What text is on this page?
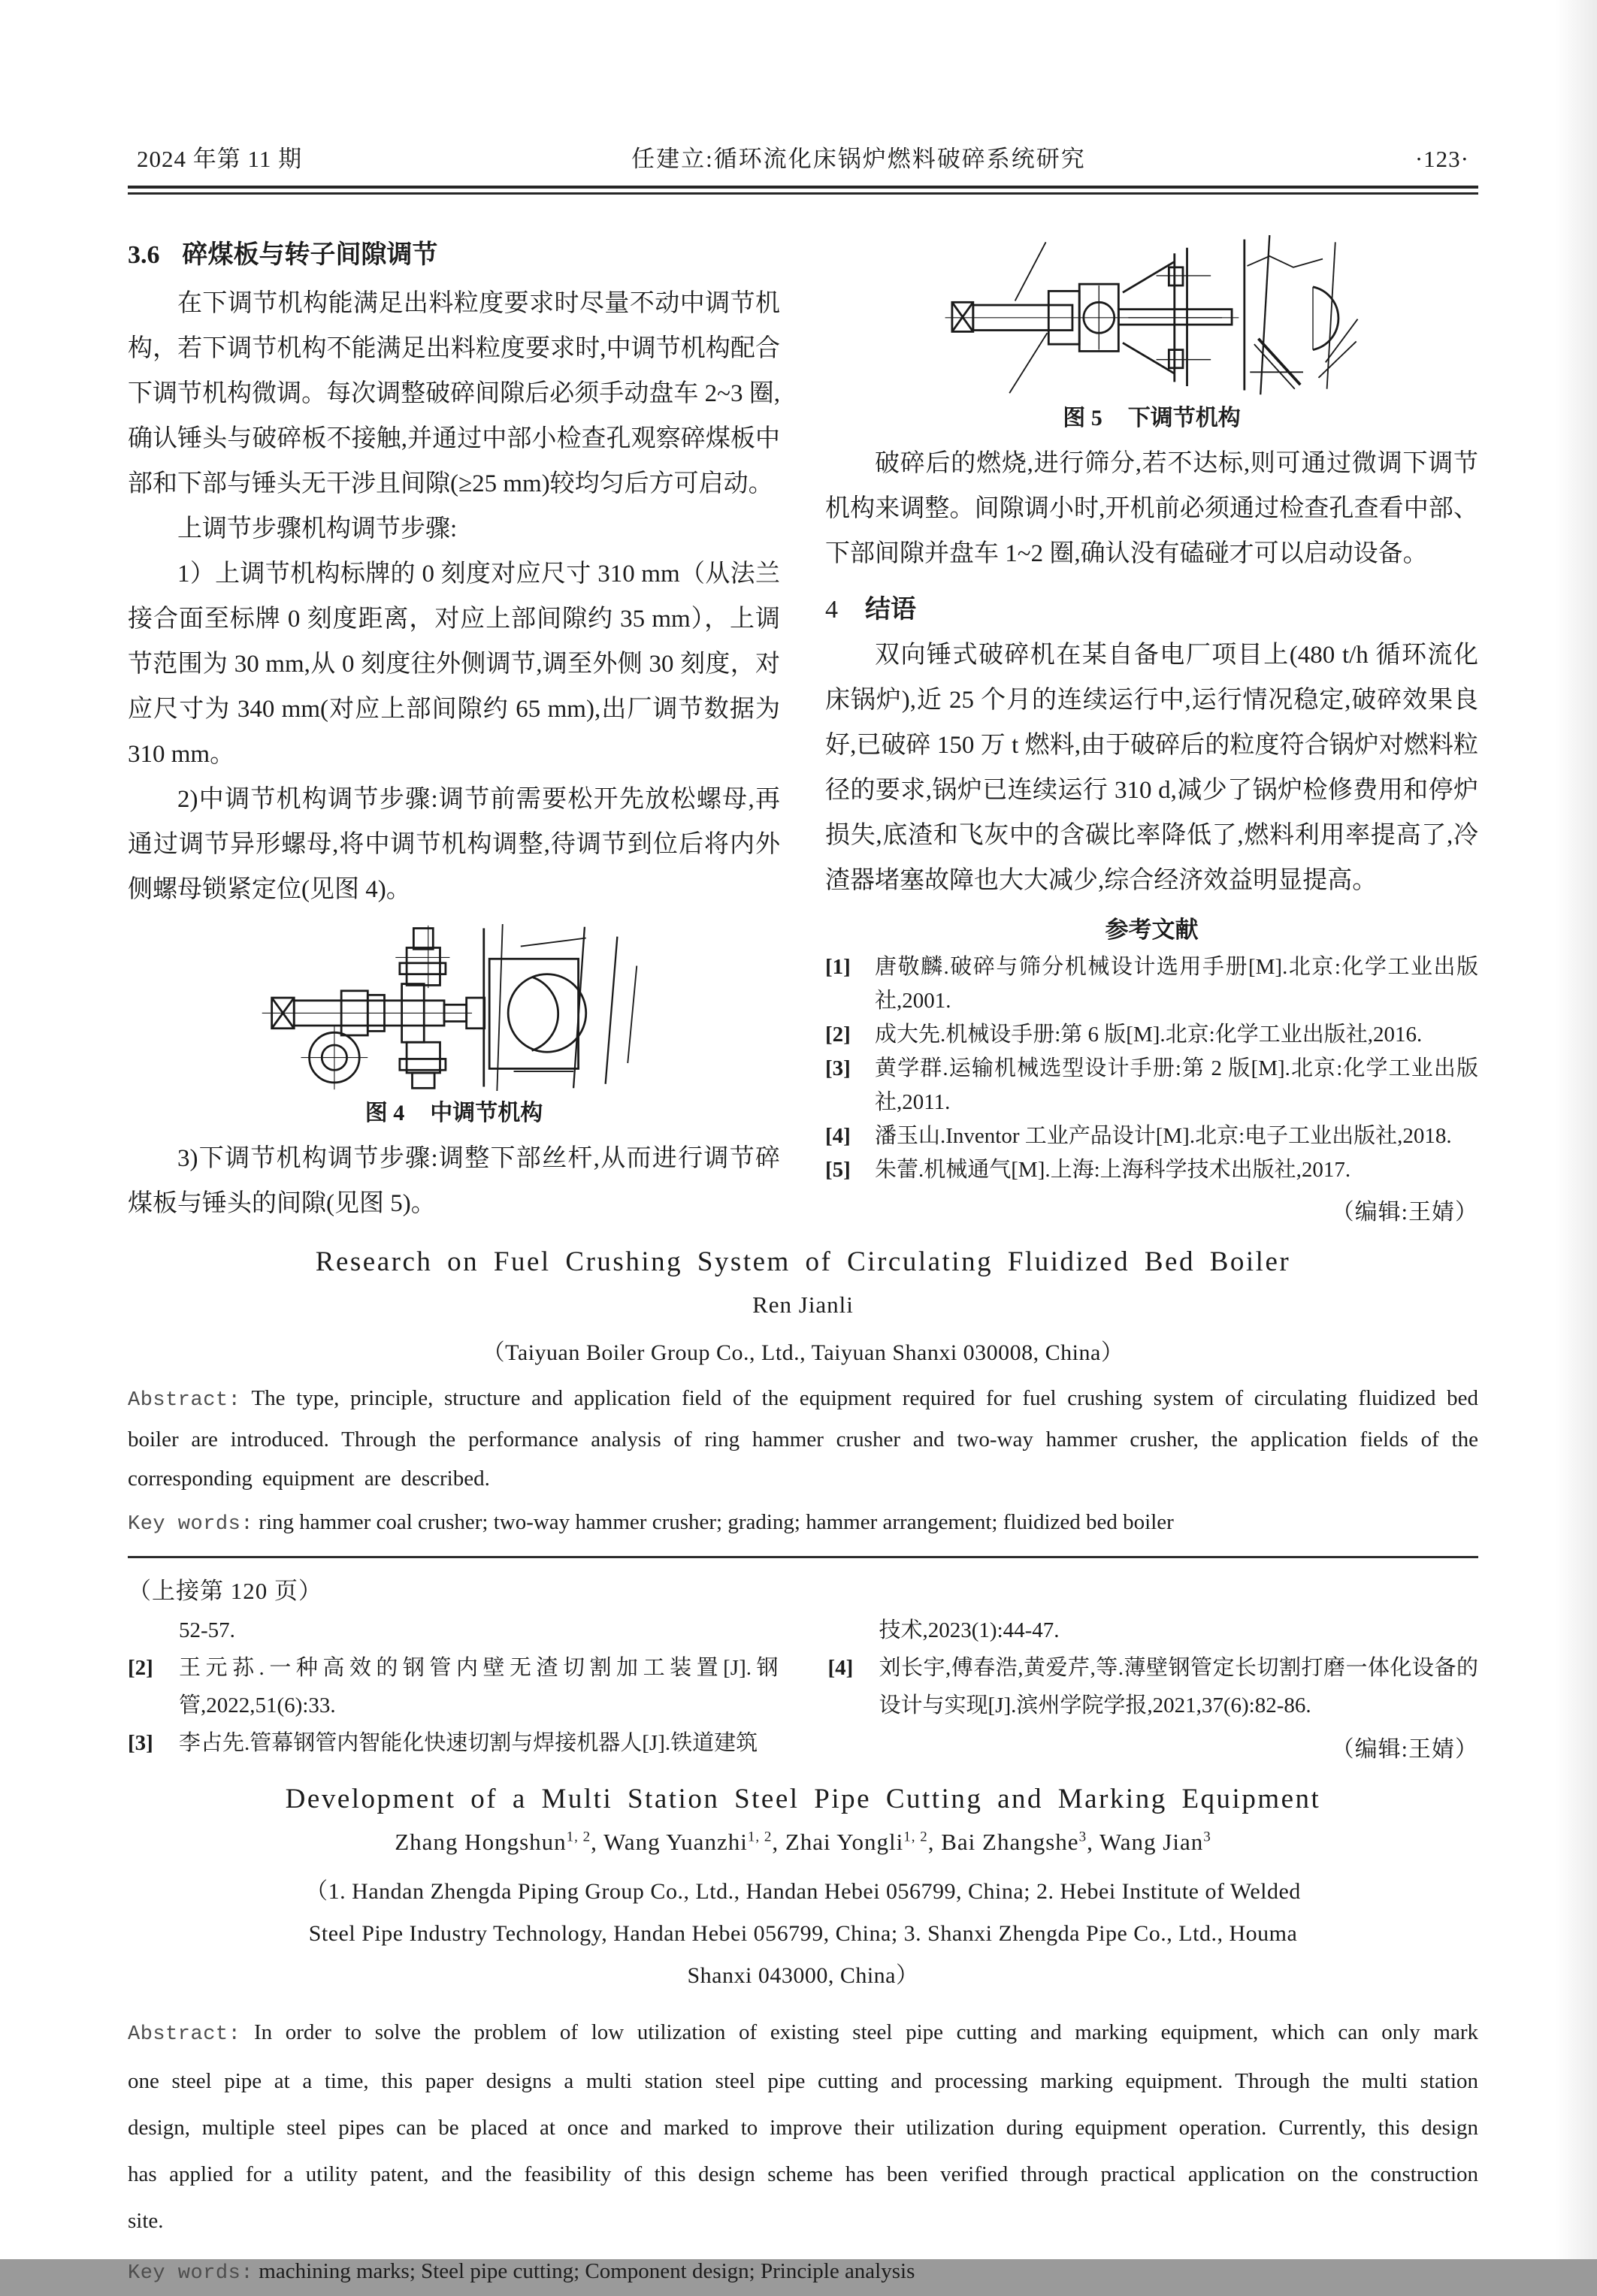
2024 年第 11 期	任建立:循环流化床锅炉燃料破碎系统研究	·123·
3.6 碎煤板与转子间隙调节

在下调节机构能满足出料粒度要求时尽量不动中调节机构，若下调节机构不能满足出料粒度要求时,中调节机构配合下调节机构微调。每次调整破碎间隙后必须手动盘车 2~3 圈,确认锤头与破碎板不接触,并通过中部小检查孔观察碎煤板中部和下部与锤头无干涉且间隙(≥25 mm)较均匀后方可启动。

上调节步骤机构调节步骤:

1）上调节机构标牌的 0 刻度对应尺寸 310 mm（从法兰接合面至标牌 0 刻度距离，对应上部间隙约 35 mm），上调节范围为 30 mm,从 0 刻度往外侧调节,调至外侧 30 刻度，对应尺寸为 340 mm(对应上部间隙约 65 mm),出厂调节数据为 310 mm。

2)中调节机构调节步骤:调节前需要松开先放松螺母,再通过调节异形螺母,将中调节机构调整,待调节到位后将内外侧螺母锁紧定位(见图 4)。

图 4 中调节机构

3)下调节机构调节步骤:调整下部丝杆,从而进行调节碎煤板与锤头的间隙(见图 5)。

图 5 下调节机构

破碎后的燃烧,进行筛分,若不达标,则可通过微调下调节机构来调整。间隙调小时,开机前必须通过检查孔查看中部、下部间隙并盘车 1~2 圈,确认没有磕碰才可以启动设备。

4 结语

双向锤式破碎机在某自备电厂项目上(480 t/h 循环流化床锅炉),近 25 个月的连续运行中,运行情况稳定,破碎效果良好,已破碎 150 万 t 燃料,由于破碎后的粒度符合锅炉对燃料粒径的要求,锅炉已连续运行 310 d,减少了锅炉检修费用和停炉损失,底渣和飞灰中的含碳比率降低了,燃料利用率提高了,冷渣器堵塞故障也大大减少,综合经济效益明显提高。

参考文献
[1]	唐敬麟.破碎与筛分机械设计选用手册[M].北京:化学工业出版社,2001.
[2]	成大先.机械设手册:第 6 版[M].北京:化学工业出版社,2016.
[3]	黄学群.运输机械选型设计手册:第 2 版[M].北京:化学工业出版社,2011.
[4]	潘玉山.Inventor 工业产品设计[M].北京:电子工业出版社,2018.
[5]	朱蕾.机械通气[M].上海:上海科学技术出版社,2017.
（编辑:王婧）
Research on Fuel Crushing System of Circulating Fluidized Bed Boiler
Ren Jianli
（Taiyuan Boiler Group Co., Ltd., Taiyuan Shanxi 030008, China）

Abstract: The type, principle, structure and application field of the equipment required for fuel crushing system of circulating fluidized bed boiler are introduced. Through the performance analysis of ring hammer crusher and two-way hammer crusher, the application fields of the corresponding equipment are described.

Key words: ring hammer coal crusher; two-way hammer crusher; grading; hammer arrangement; fluidized bed boiler

（上接第 120 页）
52-57.
[2]	王元荪.一种高效的钢管内壁无渣切割加工装置[J].钢管,2022,51(6):33.
[3]	李占先.管幕钢管内智能化快速切割与焊接机器人[J].铁道建筑
技术,2023(1):44-47.
[4]	刘长宇,傅春浩,黄爱芹,等.薄壁钢管定长切割打磨一体化设备的设计与实现[J].滨州学院学报,2021,37(6):82-86.
（编辑:王婧）
Development of a Multi Station Steel Pipe Cutting and Marking Equipment
Zhang Hongshun$^{1, 2}$, Wang Yuanzhi$^{1, 2}$, Zhai Yongli$^{1, 2}$, Bai Zhangshe$^3$, Wang Jian$^3$
（1. Handan Zhengda Piping Group Co., Ltd., Handan Hebei 056799, China; 2. Hebei Institute of Welded
Steel Pipe Industry Technology, Handan Hebei 056799, China; 3. Shanxi Zhengda Pipe Co., Ltd., Houma
Shanxi 043000, China）

Abstract: In order to solve the problem of low utilization of existing steel pipe cutting and marking equipment, which can only mark one steel pipe at a time, this paper designs a multi station steel pipe cutting and processing marking equipment. Through the multi station design, multiple steel pipes can be placed at once and marked to improve their utilization during equipment operation. Currently, this design has applied for a utility patent, and the feasibility of this design scheme has been verified through practical application on the construction site.

Key words: machining marks; Steel pipe cutting; Component design; Principle analysis
